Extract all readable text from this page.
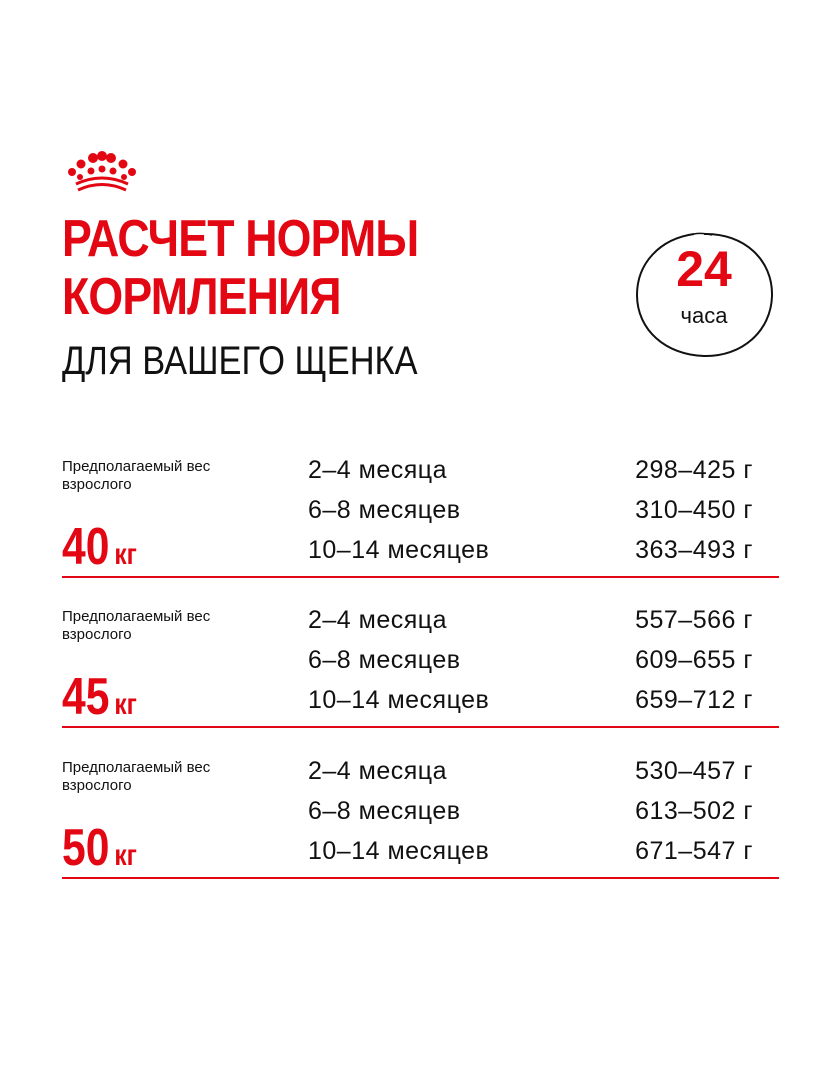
РАСЧЕТ НОРМЫ
КОРМЛЕНИЯ
ДЛЯ ВАШЕГО ЩЕНКА
24
часа
Предполагаемый вес взрослого
40 кг
2–4 месяца	298–425 г
6–8 месяцев	310–450 г
10–14 месяцев	363–493 г
Предполагаемый вес взрослого
45 кг
2–4 месяца	557–566 г
6–8 месяцев	609–655 г
10–14 месяцев	659–712 г
Предполагаемый вес взрослого
50 кг
2–4 месяца	530–457 г
6–8 месяцев	613–502 г
10–14 месяцев	671–547 г
